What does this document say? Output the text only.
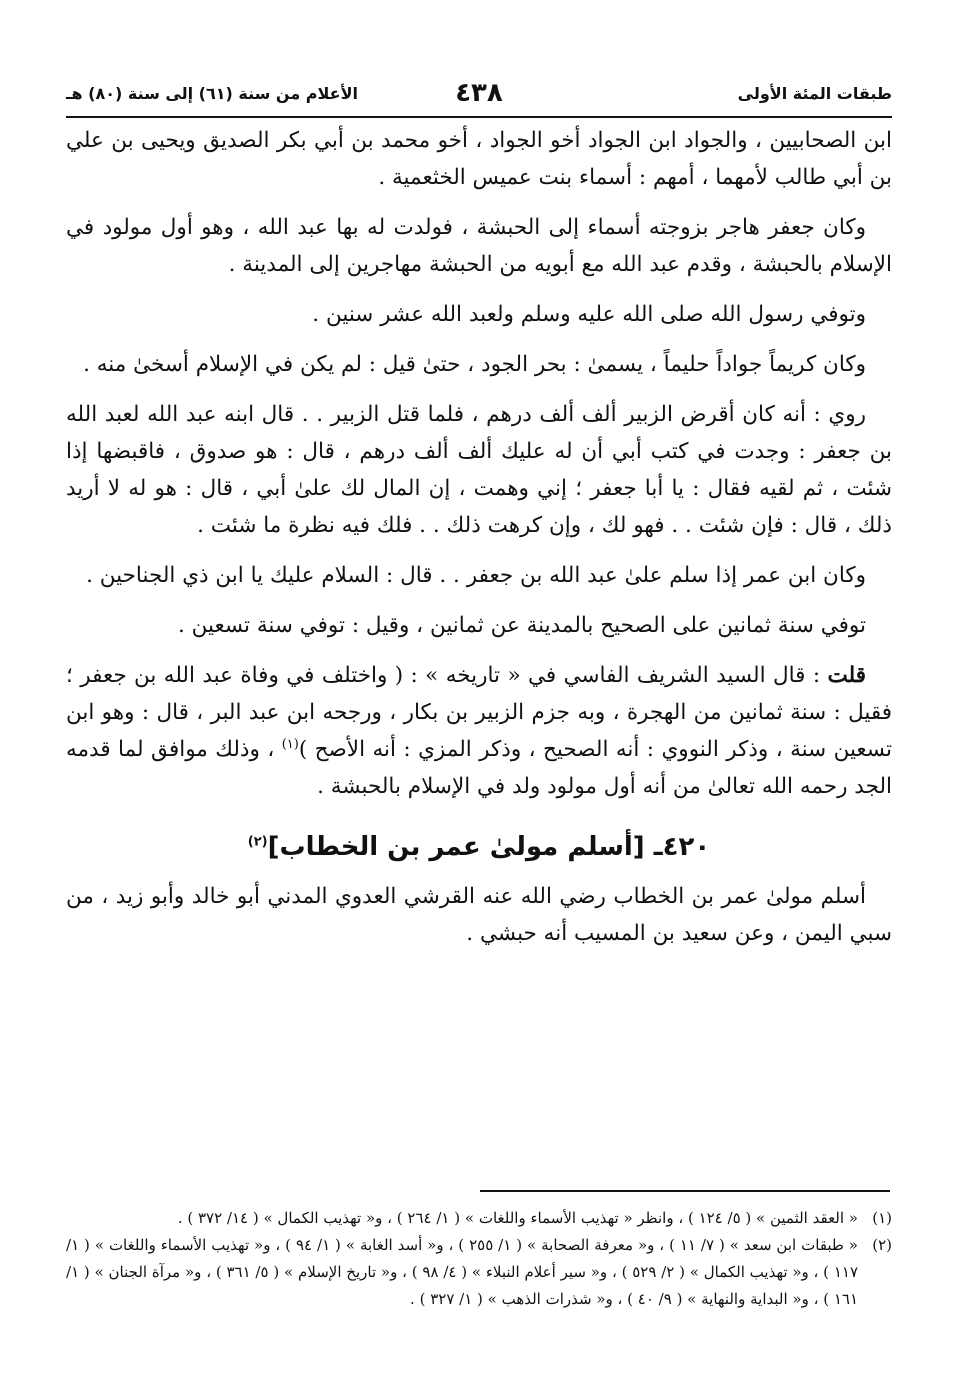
طبقات المئة الأولى
٤٣٨
الأعلام من سنة (٦١) إلى سنة (٨٠) هـ

ابن الصحابيين ، والجواد ابن الجواد أخو الجواد ، أخو محمد بن أبي بكر الصديق ويحيى بن علي بن أبي طالب لأمهما ، أمهم : أسماء بنت عميس الخثعمية .

وكان جعفر هاجر بزوجته أسماء إلى الحبشة ، فولدت له بها عبد الله ، وهو أول مولود في الإسلام بالحبشة ، وقدم عبد الله مع أبويه من الحبشة مهاجرين إلى المدينة .

وتوفي رسول الله صلى الله عليه وسلم ولعبد الله عشر سنين .

وكان كريماً جواداً حليماً ، يسمىٰ : بحر الجود ، حتىٰ قيل : لم يكن في الإسلام أسخىٰ منه .

روي : أنه كان أقرض الزبير ألف ألف درهم ، فلما قتل الزبير . . قال ابنه عبد الله لعبد الله بن جعفر : وجدت في كتب أبي أن له عليك ألف ألف درهم ، قال : هو صدوق ، فاقبضها إذا شئت ، ثم لقيه فقال : يا أبا جعفر ؛ إني وهمت ، إن المال لك علىٰ أبي ، قال : هو له لا أريد ذلك ، قال : فإن شئت . . فهو لك ، وإن كرهت ذلك . . فلك فيه نظرة ما شئت .

وكان ابن عمر إذا سلم علىٰ عبد الله بن جعفر . . قال : السلام عليك يا ابن ذي الجناحين .

توفي سنة ثمانين على الصحيح بالمدينة عن ثمانين ، وقيل : توفي سنة تسعين .

قلت : قال السيد الشريف الفاسي في « تاريخه » : ( واختلف في وفاة عبد الله بن جعفر ؛ فقيل : سنة ثمانين من الهجرة ، وبه جزم الزبير بن بكار ، ورجحه ابن عبد البر ، قال : وهو ابن تسعين سنة ، وذكر النووي : أنه الصحيح ، وذكر المزي : أنه الأصح )$^{(١)}$ ، وذلك موافق لما قدمه الجد رحمه الله تعالىٰ من أنه أول مولود ولد في الإسلام بالحبشة .

٤٢٠ـ [أسلم مولىٰ عمر بن الخطاب]$^{(٢)}$

أسلم مولىٰ عمر بن الخطاب رضي الله عنه القرشي العدوي المدني أبو خالد وأبو زيد ، من سبي اليمن ، وعن سعيد بن المسيب أنه حبشي .

(١)
« العقد الثمين » ( ٥/ ١٢٤ ) ، وانظر « تهذيب الأسماء واللغات » ( ١/ ٢٦٤ ) ، و« تهذيب الكمال » ( ١٤/ ٣٧٢ ) .
(٢)
« طبقات ابن سعد » ( ٧/ ١١ ) ، و« معرفة الصحابة » ( ١/ ٢٥٥ ) ، و« أسد الغابة » ( ١/ ٩٤ ) ، و« تهذيب الأسماء واللغات » ( ١/ ١١٧ ) ، و« تهذيب الكمال » ( ٢/ ٥٢٩ ) ، و« سير أعلام النبلاء » ( ٤/ ٩٨ ) ، و« تاريخ الإسلام » ( ٥/ ٣٦١ ) ، و« مرآة الجنان » ( ١/ ١٦١ ) ، و« البداية والنهاية » ( ٩/ ٤٠ ) ، و« شذرات الذهب » ( ١/ ٣٢٧ ) .
